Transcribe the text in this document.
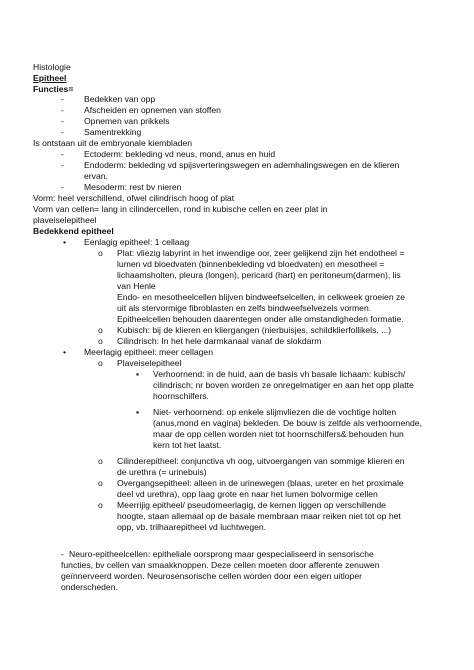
Histologie
Epitheel
Functies=
- Bedekken van opp
- Afscheiden en opnemen van stoffen
- Opnemen van prikkels
- Samentrekking
Is ontstaan uit de embryonale kiembladen
- Ectoderm: bekleding vd neus, mond, anus en huid
- Endoderm: bekleding vd spijsverteringswegen en ademhalingswegen en de klieren
ervan.
- Mesoderm: rest bv nieren
Vorm: heel verschillend, ofwel cilindrisch hoog of plat
Vorm van cellen= lang in cilindercellen, rond in kubische cellen en zeer plat in
plaveiselepitheel
Bedekkend epitheel
• Eenlagig epitheel: 1 cellaag
o Plat: vliezig labyrint in het inwendige oor, zeer gelijkend zijn het endotheel =
lumen vd bloedvaten (binnenbekleding vd bloedvaten) en mesotheel =
lichaamsholten, pleura (longen), pericard (hart) en peritoneum(darmen), lis
van Henle
Endo- en mesotheelcellen blijven bindweefselcellen, in celkweek groeien ze
uit als stervormige fibroblasten en zelfs bindweefselvezels vormen.
Epitheelcellen behouden daarentegen onder alle omstandigheden formatie.
o Kubisch: bij de klieren en kliergangen (nierbuisjes, schildklierfollikels, ...)
o Cilindrisch: In het hele darmkanaal vanaf de slokdarm
• Meerlagig epitheel: meer cellagen
o Plaveiselepitheel
▪ Verhoornend: in de huid, aan de basis vh basale lichaam: kubisch/
cilindrisch; nr boven worden ze onregelmatiger en aan het opp platte
hoornschilfers.
▪ Niet- verhoornend: op enkele slijmvliezen die de vochtige holten
(anus,mond en vagina) bekleden. De bouw is zelfde als verhoornende,
maar de opp cellen worden niet tot hoornschilfers& behouden hun
kern tot het laatst.
o Cilinderepitheel: conjunctiva vh oog, uitvoergangen van sommige klieren en
de urethra (= urinebuis)
o Overgangsepitheel: alleen in de urinewegen (blaas, ureter en het proximale
deel vd urethra), opp laag grote en naar het lumen bolvormige cellen
o Meerrijig epitheel/ pseudomeerlagig, de kernen liggen op verschillende
hoogte, staan allemaal op de basale membraan maar reiken niet tot op het
opp, vb. trilhaarepitheel vd luchtwegen.
- Neuro-epitheelcellen: epitheliale oorsprong maar gespecialiseerd in sensorische
functies, bv cellen van smaakknoppen. Deze cellen moeten door afferente zenuwen
geïnnerveerd worden. Neurosensorische cellen worden door een eigen uitloper
onderscheden.
